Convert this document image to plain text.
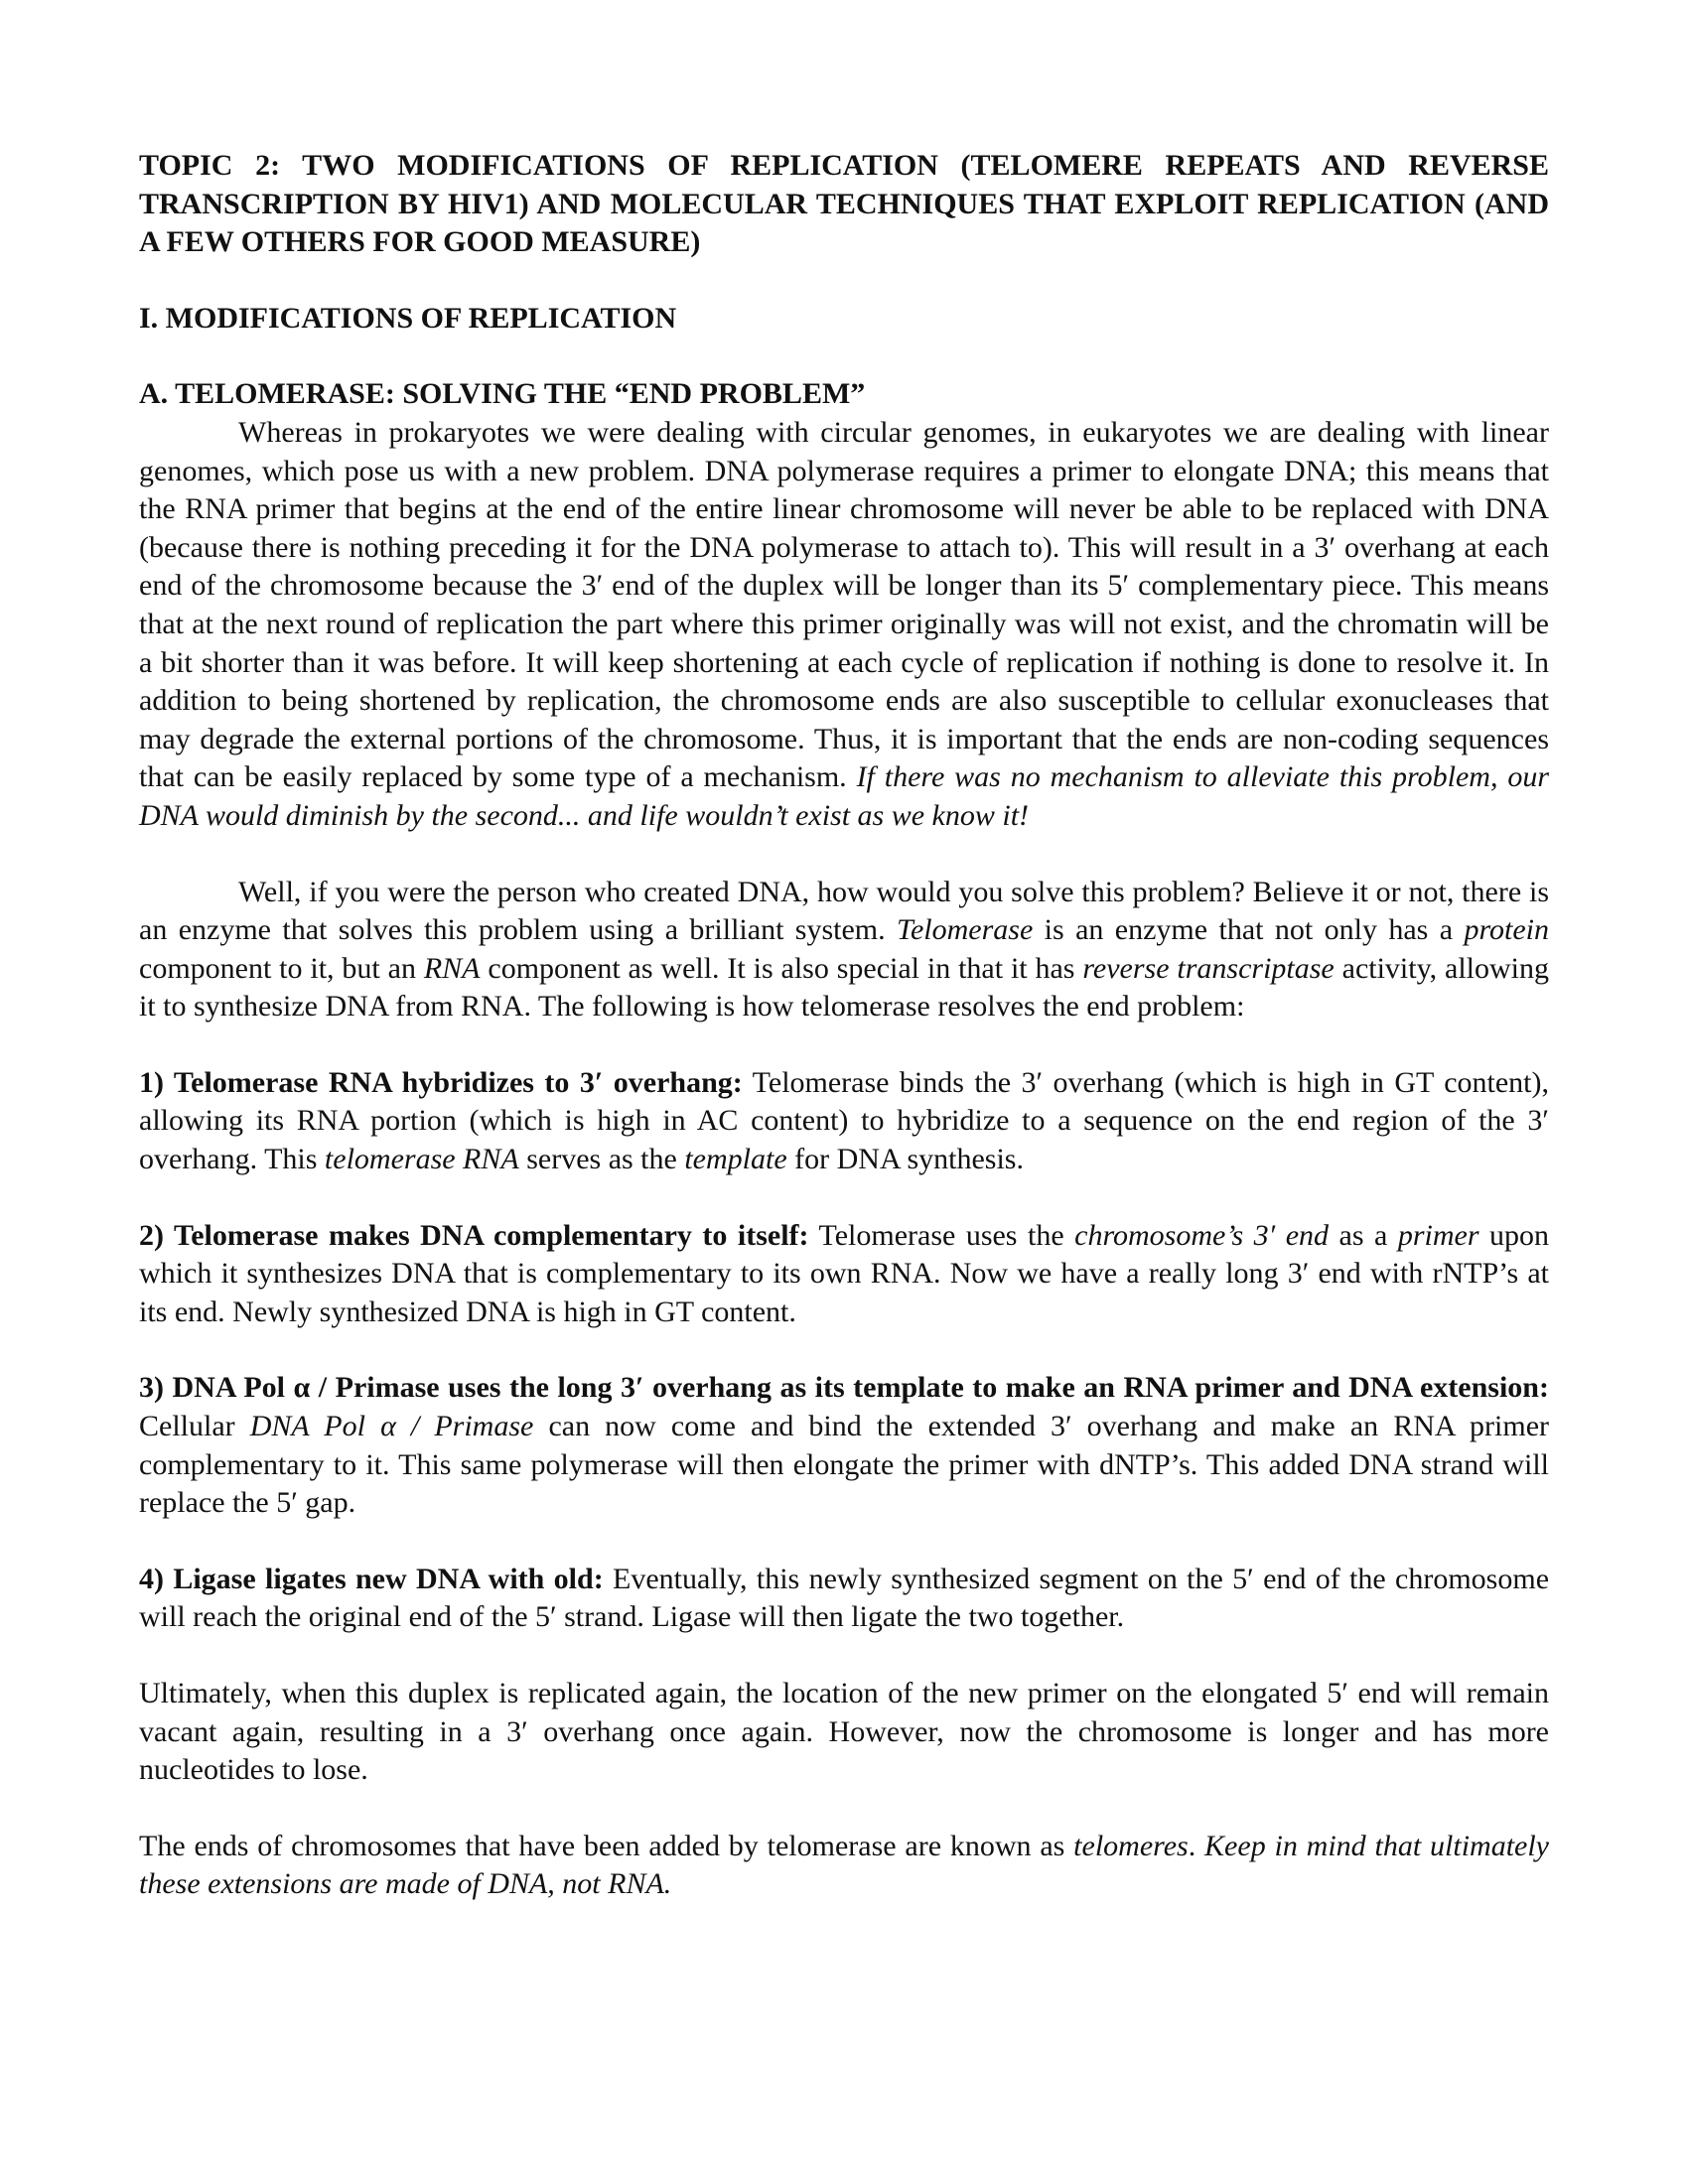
TOPIC 2: TWO MODIFICATIONS OF REPLICATION (TELOMERE REPEATS AND REVERSE TRANSCRIPTION BY HIV1) AND MOLECULAR TECHNIQUES THAT EXPLOIT REPLICATION (AND A FEW OTHERS FOR GOOD MEASURE)

I. MODIFICATIONS OF REPLICATION

A. TELOMERASE: SOLVING THE “END PROBLEM”

Whereas in prokaryotes we were dealing with circular genomes, in eukaryotes we are dealing with linear genomes, which pose us with a new problem. DNA polymerase requires a primer to elongate DNA; this means that the RNA primer that begins at the end of the entire linear chromosome will never be able to be replaced with DNA (because there is nothing preceding it for the DNA polymerase to attach to). This will result in a 3′ overhang at each end of the chromosome because the 3′ end of the duplex will be longer than its 5′ complementary piece. This means that at the next round of replication the part where this primer originally was will not exist, and the chromatin will be a bit shorter than it was before. It will keep shortening at each cycle of replication if nothing is done to resolve it. In addition to being shortened by replication, the chromosome ends are also susceptible to cellular exonucleases that may degrade the external portions of the chromosome. Thus, it is important that the ends are non-coding sequences that can be easily replaced by some type of a mechanism. If there was no mechanism to alleviate this problem, our DNA would diminish by the second... and life wouldn’t exist as we know it!

Well, if you were the person who created DNA, how would you solve this problem? Believe it or not, there is an enzyme that solves this problem using a brilliant system. Telomerase is an enzyme that not only has a protein component to it, but an RNA component as well. It is also special in that it has reverse transcriptase activity, allowing it to synthesize DNA from RNA. The following is how telomerase resolves the end problem:

1) Telomerase RNA hybridizes to 3′ overhang: Telomerase binds the 3′ overhang (which is high in GT content), allowing its RNA portion (which is high in AC content) to hybridize to a sequence on the end region of the 3′ overhang. This telomerase RNA serves as the template for DNA synthesis.

2) Telomerase makes DNA complementary to itself: Telomerase uses the chromosome’s 3′ end as a primer upon which it synthesizes DNA that is complementary to its own RNA. Now we have a really long 3′ end with rNTP’s at its end. Newly synthesized DNA is high in GT content.

3) DNA Pol α / Primase uses the long 3′ overhang as its template to make an RNA primer and DNA extension: Cellular DNA Pol α / Primase can now come and bind the extended 3′ overhang and make an RNA primer complementary to it. This same polymerase will then elongate the primer with dNTP’s. This added DNA strand will replace the 5′ gap.

4) Ligase ligates new DNA with old: Eventually, this newly synthesized segment on the 5′ end of the chromosome will reach the original end of the 5′ strand. Ligase will then ligate the two together.

Ultimately, when this duplex is replicated again, the location of the new primer on the elongated 5′ end will remain vacant again, resulting in a 3′ overhang once again. However, now the chromosome is longer and has more nucleotides to lose.

The ends of chromosomes that have been added by telomerase are known as telomeres. Keep in mind that ultimately these extensions are made of DNA, not RNA.
